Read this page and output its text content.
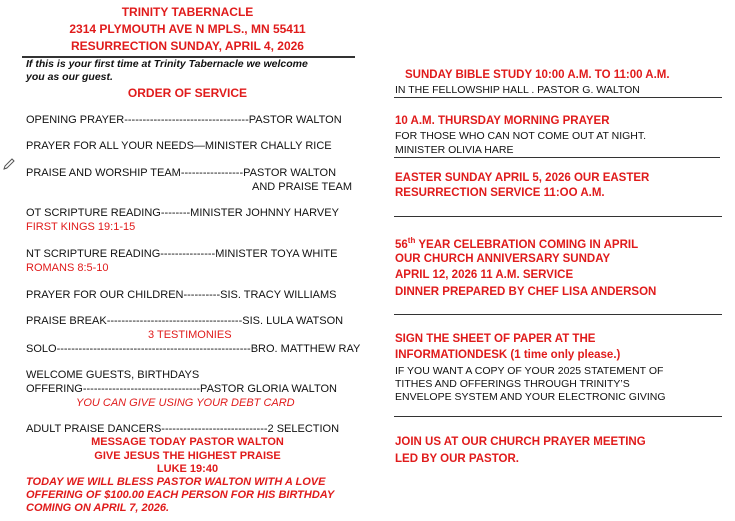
TRINITY TABERNACLE
2314 PLYMOUTH AVE N MPLS., MN 55411
RESURRECTION SUNDAY, APRIL 4, 2026
If this is your first time at Trinity Tabernacle we welcome
you as our guest.
ORDER OF SERVICE
OPENING PRAYER----------------------------------PASTOR WALTON
PRAYER FOR ALL YOUR NEEDS—MINISTER CHALLY RICE
PRAISE AND WORSHIP TEAM-----------------PASTOR WALTON
AND PRAISE TEAM
OT SCRIPTURE READING--------MINISTER JOHNNY HARVEY
FIRST KINGS 19:1-15
NT SCRIPTURE READING---------------MINISTER TOYA WHITE
ROMANS 8:5-10
PRAYER FOR OUR CHILDREN----------SIS. TRACY WILLIAMS
PRAISE BREAK-------------------------------------SIS. LULA WATSON
3 TESTIMONIES
SOLO-----------------------------------------------------BRO. MATTHEW RAY
WELCOME GUESTS, BIRTHDAYS
OFFERING--------------------------------PASTOR GLORIA WALTON
YOU CAN GIVE USING YOUR DEBT CARD
ADULT PRAISE DANCERS-----------------------------2 SELECTION
MESSAGE TODAY PASTOR WALTON
GIVE JESUS THE HIGHEST PRAISE
LUKE 19:40
TODAY WE WILL BLESS PASTOR WALTON WITH A LOVE
OFFERING OF $100.00 EACH PERSON FOR HIS BIRTHDAY
COMING ON APRIL 7, 2026.
SUNDAY BIBLE STUDY 10:00 A.M. TO 11:00 A.M.
IN THE FELLOWSHIP HALL . PASTOR G. WALTON
10 A.M. THURSDAY MORNING PRAYER
FOR THOSE WHO CAN NOT COME OUT AT NIGHT.
MINISTER OLIVIA HARE
EASTER SUNDAY APRIL 5, 2026 OUR EASTER
RESURRECTION SERVICE 11:OO A.M.
56th YEAR CELEBRATION COMING IN APRIL
OUR CHURCH ANNIVERSARY SUNDAY
APRIL 12, 2026 11 A.M. SERVICE
DINNER PREPARED BY CHEF LISA ANDERSON
SIGN THE SHEET OF PAPER AT THE
INFORMATIONDESK (1 time only please.)
IF YOU WANT A COPY OF YOUR 2025 STATEMENT OF
TITHES AND OFFERINGS THROUGH TRINITY’S
ENVELOPE SYSTEM AND YOUR ELECTRONIC GIVING
JOIN US AT OUR CHURCH PRAYER MEETING
LED BY OUR PASTOR.
